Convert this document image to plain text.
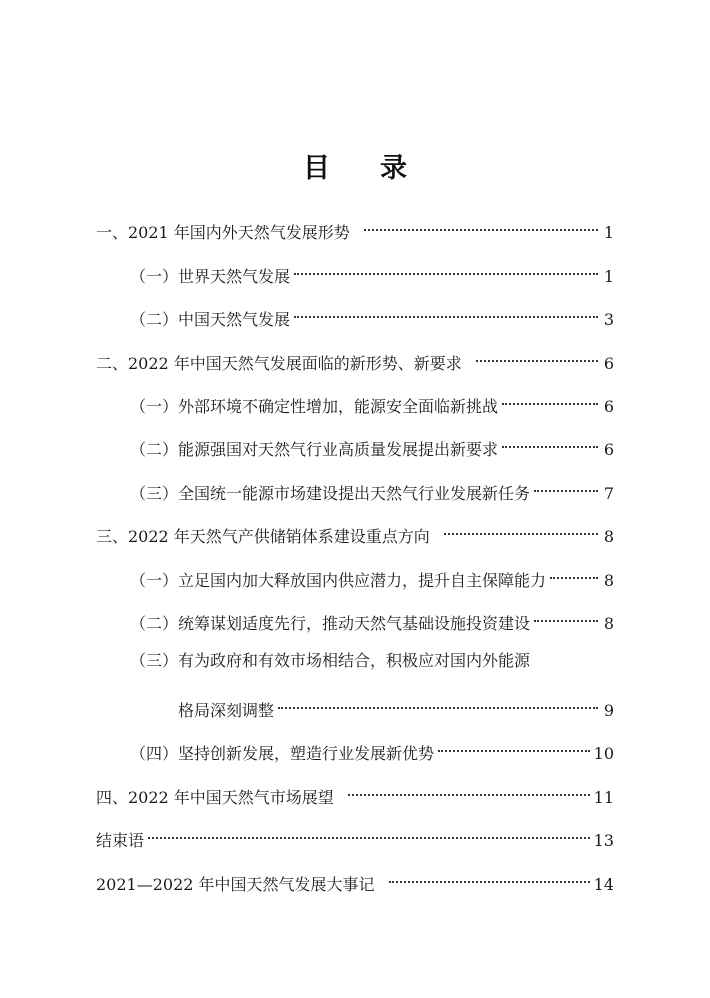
目 录
一、2021 年国内外天然气发展形势	1
（一）世界天然气发展	1
（二）中国天然气发展	3
二、2022 年中国天然气发展面临的新形势、新要求	6
（一）外部环境不确定性增加，能源安全面临新挑战	6
（二）能源强国对天然气行业高质量发展提出新要求	6
（三）全国统一能源市场建设提出天然气行业发展新任务	7
三、2022 年天然气产供储销体系建设重点方向	8
（一）立足国内加大释放国内供应潜力，提升自主保障能力	8
（二）统筹谋划适度先行，推动天然气基础设施投资建设	8
（三）有为政府和有效市场相结合，积极应对国内外能源
格局深刻调整	9
（四）坚持创新发展，塑造行业发展新优势	10
四、2022 年中国天然气市场展望	11
结束语	13
2021—2022 年中国天然气发展大事记	14
